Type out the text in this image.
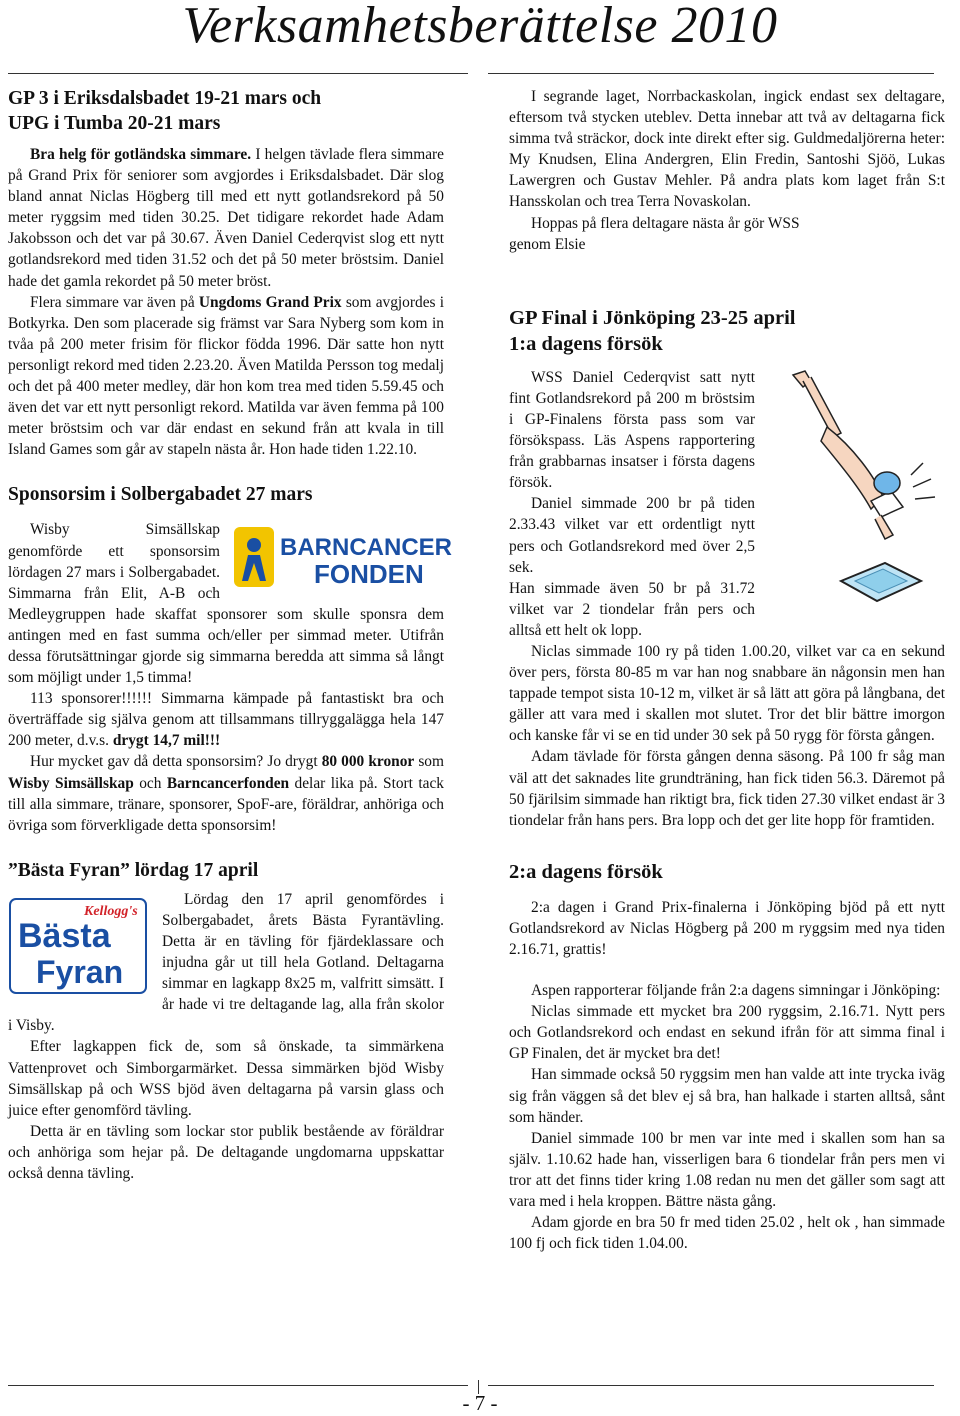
Verksamhetsberättelse 2010
GP 3 i Eriksdalsbadet 19-21 mars och
UPG i Tumba 20-21 mars

Bra helg för gotländska simmare. I helgen tävlade flera simmare på Grand Prix för seniorer som avgjordes i Eriksdalsbadet. Där slog bland annat Niclas Högberg till med ett nytt gotlandsrekord på 50 meter ryggsim med tiden 30.25. Det tidigare rekordet hade Adam Jakobsson och det var på 30.67. Även Daniel Cederqvist slog ett nytt gotlandsrekord med tiden 31.52 och det på 50 meter bröstsim. Daniel hade det gamla rekordet på 50 meter bröst.

Flera simmare var även på Ungdoms Grand Prix som avgjordes i Botkyrka. Den som placerade sig främst var Sara Nyberg som kom in tvåa på 200 meter frisim för flickor födda 1996. Där satte hon nytt personligt rekord med tiden 2.23.20. Även Matilda Persson tog medalj och det på 400 meter medley, där hon kom trea med tiden 5.59.45 och även det var ett nytt personligt rekord. Matilda var även femma på 100 meter bröstsim och var där endast en sekund från att kvala in till Island Games som går av stapeln nästa år. Hon hade tiden 1.22.10.

Sponsorsim i Solbergabadet 27 mars
BARNCANCER
FONDEN

Wisby Simsällskap genomförde ett sponsorsim lördagen 27 mars i Solbergabadet. Simmarna från Elit, A-B och Medleygruppen hade skaffat sponsorer som skulle sponsra dem antingen med en fast summa och/eller per simmad meter. Utifrån dessa förutsättningar gjorde sig simmarna beredda att simma så långt som möjligt under 1,5 timma!

113 sponsorer!!!!!! Simmarna kämpade på fantastiskt bra och överträffade sig själva genom att tillsammans tillryggalägga hela 147 200 meter, d.v.s. drygt 14,7 mil!!!

Hur mycket gav då detta sponsorsim? Jo drygt 80 000 kronor som Wisby Simsällskap och Barncancerfonden delar lika på. Stort tack till alla simmare, tränare, sponsorer, SpoF-are, föräldrar, anhöriga och övriga som förverkligade detta sponsorsim!

”Bästa Fyran” lördag 17 april
Kellogg's
Bästa
Fyran

Lördag den 17 april genomfördes i Solbergabadet, årets Bästa Fyrantävling. Detta är en tävling för fjärdeklassare och injudna går ut till hela Gotland. Deltagarna simmar en lagkapp 8x25 m, valfritt simsätt. I år hade vi tre deltagande lag, alla från skolor i Visby.

Efter lagkappen fick de, som så önskade, ta simmärkena Vattenprovet och Simborgarmärket. Dessa simmärken bjöd Wisby Simsällskap på och WSS bjöd även deltagarna på varsin glass och juice efter genomförd tävling.

Detta är en tävling som lockar stor publik bestående av föräldrar och anhöriga som hejar på. De deltagande ungdomarna uppskattar också denna tävling.

I segrande laget, Norrbackaskolan, ingick endast sex deltagare, eftersom två stycken uteblev. Detta innebar att två av deltagarna fick simma två sträckor, dock inte direkt efter sig. Guldmedaljörerna heter: My Knudsen, Elina Andergren, Elin Fredin, Santoshi Sjöö, Lukas Lawergren och Gustav Mehler. På andra plats kom laget från S:t Hansskolan och trea Terra Novaskolan.

Hoppas på flera deltagare nästa år gör WSS
genom Elsie

GP Final i Jönköping 23-25 april
1:a dagens försök

WSS Daniel Cederqvist satt nytt fint Gotlandsrekord på 200 m bröstsim i GP-Finalens första pass som var försökspass. Läs Aspens rapportering från grabbarnas insatser i första dagens försök.

Daniel simmade 200 br på tiden 2.33.43 vilket var ett ordentligt nytt pers och Gotlandsrekord med över 2,5 sek.

Han simmade även 50 br på 31.72 vilket var 2 tiondelar från pers och alltså ett helt ok lopp.

Niclas simmade 100 ry på tiden 1.00.20, vilket var ca en sekund över pers, första 80-85 m var han nog snabbare än någonsin men han tappade tempot sista 10-12 m, vilket är så lätt att göra på långbana, det gäller att vara med i skallen mot slutet. Tror det blir bättre imorgon och kanske får vi se en tid under 30 sek på 50 rygg för första gången.

Adam tävlade för första gången denna säsong. På 100 fr såg man väl att det saknades lite grundträning, han fick tiden 56.3. Däremot på 50 fjärilsim simmade han riktigt bra, fick tiden 27.30 vilket endast är 3 tiondelar från hans pers. Bra lopp och det ger lite hopp för framtiden.

2:a dagens försök

2:a dagen i Grand Prix-finalerna i Jönköping bjöd på ett nytt Gotlandsrekord av Niclas Högberg på 200 m ryggsim med nya tiden 2.16.71, grattis!

Aspen rapporterar följande från 2:a dagens simningar i Jönköping:

Niclas simmade ett mycket bra 200 ryggsim, 2.16.71. Nytt pers och Gotlandsrekord och endast en sekund ifrån för att simma final i GP Finalen, det är mycket bra det!

Han simmade också 50 ryggsim men han valde att inte trycka iväg sig från väggen så det blev ej så bra, han halkade i starten alltså, sånt som händer.

Daniel simmade 100 br men var inte med i skallen som han sa själv. 1.10.62 hade han, visserligen bara 6 tiondelar från pers men vi tror att det finns tider kring 1.08 redan nu men det gäller som sagt att vara med i hela kroppen. Bättre nästa gång.

Adam gjorde en bra 50 fr med tiden 25.02 , helt ok , han simmade 100 fj och fick tiden 1.04.00.

- 7 -
